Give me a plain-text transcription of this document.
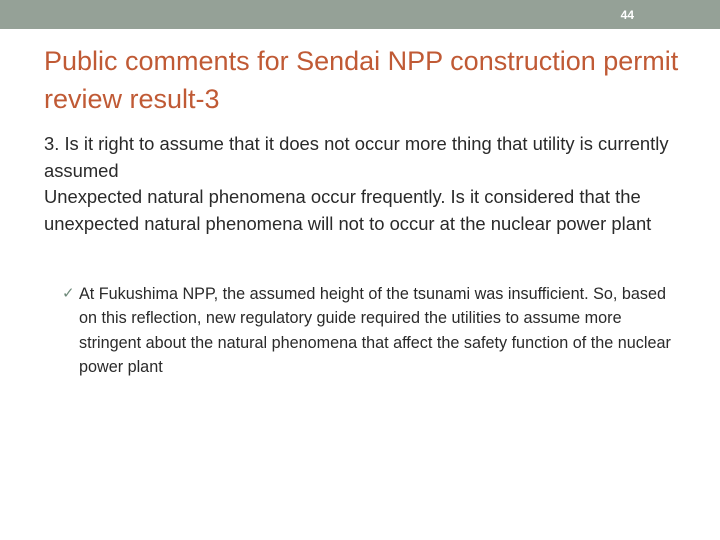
44
Public comments for Sendai NPP construction permit review result-3

3. Is it right to assume that it does not occur more thing that utility is currently assumed

Unexpected natural phenomena occur frequently. Is it considered that the unexpected natural phenomena will not to occur at the nuclear power plant

✓ At Fukushima NPP, the assumed height of the tsunami was insufficient. So, based on this reflection, new regulatory guide required the utilities to assume more stringent about the natural phenomena that affect the safety function of the nuclear power plant
